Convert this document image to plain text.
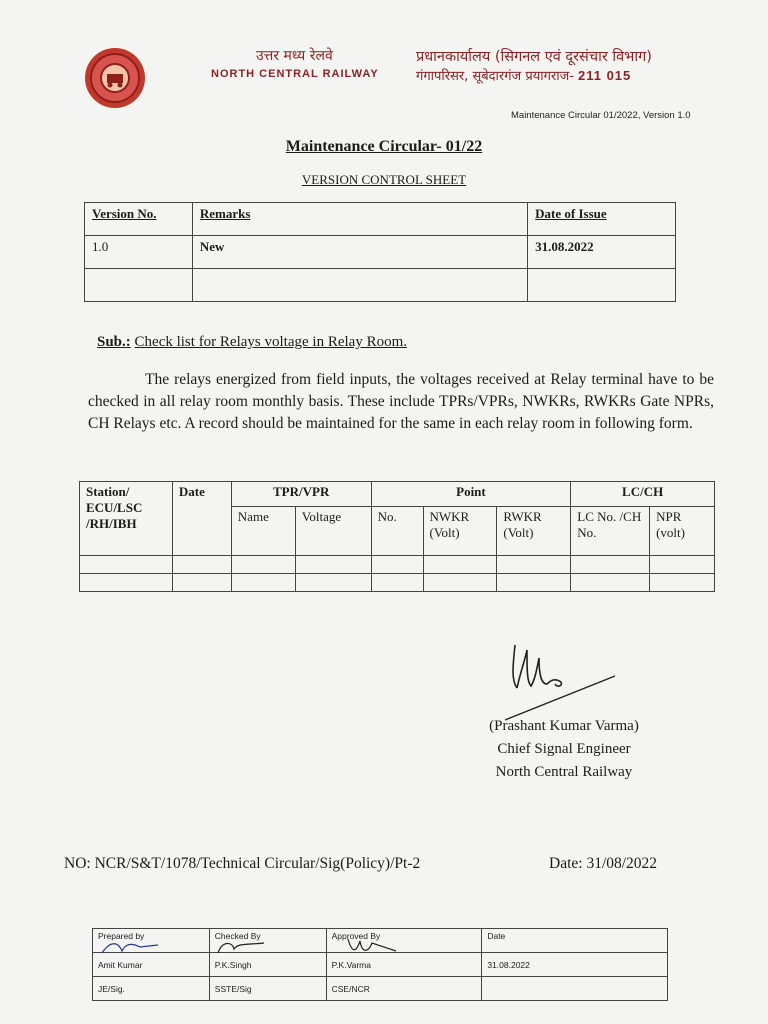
उत्तर मध्य रेलवे
NORTH CENTRAL RAILWAY
प्रधानकार्यालय (सिगनल एवं दूरसंचार विभाग)
गंगापरिसर, सूबेदारगंज प्रयागराज- 211 015
Maintenance Circular 01/2022, Version 1.0
Maintenance Circular- 01/22
VERSION CONTROL SHEET
Version No.	Remarks	Date of Issue
1.0	New	31.08.2022

Sub.: Check list for Relays voltage in Relay Room.
The relays energized from field inputs, the voltages received at Relay terminal have to be checked in all relay room monthly basis. These include TPRs/VPRs, NWKRs, RWKRs Gate NPRs, CH Relays etc. A record should be maintained for the same in each relay room in following form.
Station/ ECU/LSC /RH/IBH	Date	TPR/VPR		Point			LC/CH	
		Name	Voltage	No.	NWKR (Volt)	RWKR (Volt)	LC No. /CH No.	NPR (volt)

(Prashant Kumar Varma)
Chief Signal Engineer
North Central Railway
NO: NCR/S&T/1078/Technical Circular/Sig(Policy)/Pt-2	Date: 31/08/2022
Prepared by	Checked By	Approved By	Date
Amit Kumar	P.K.Singh	P.K.Varma	31.08.2022
JE/Sig.	SSTE/Sig	CSE/NCR	
